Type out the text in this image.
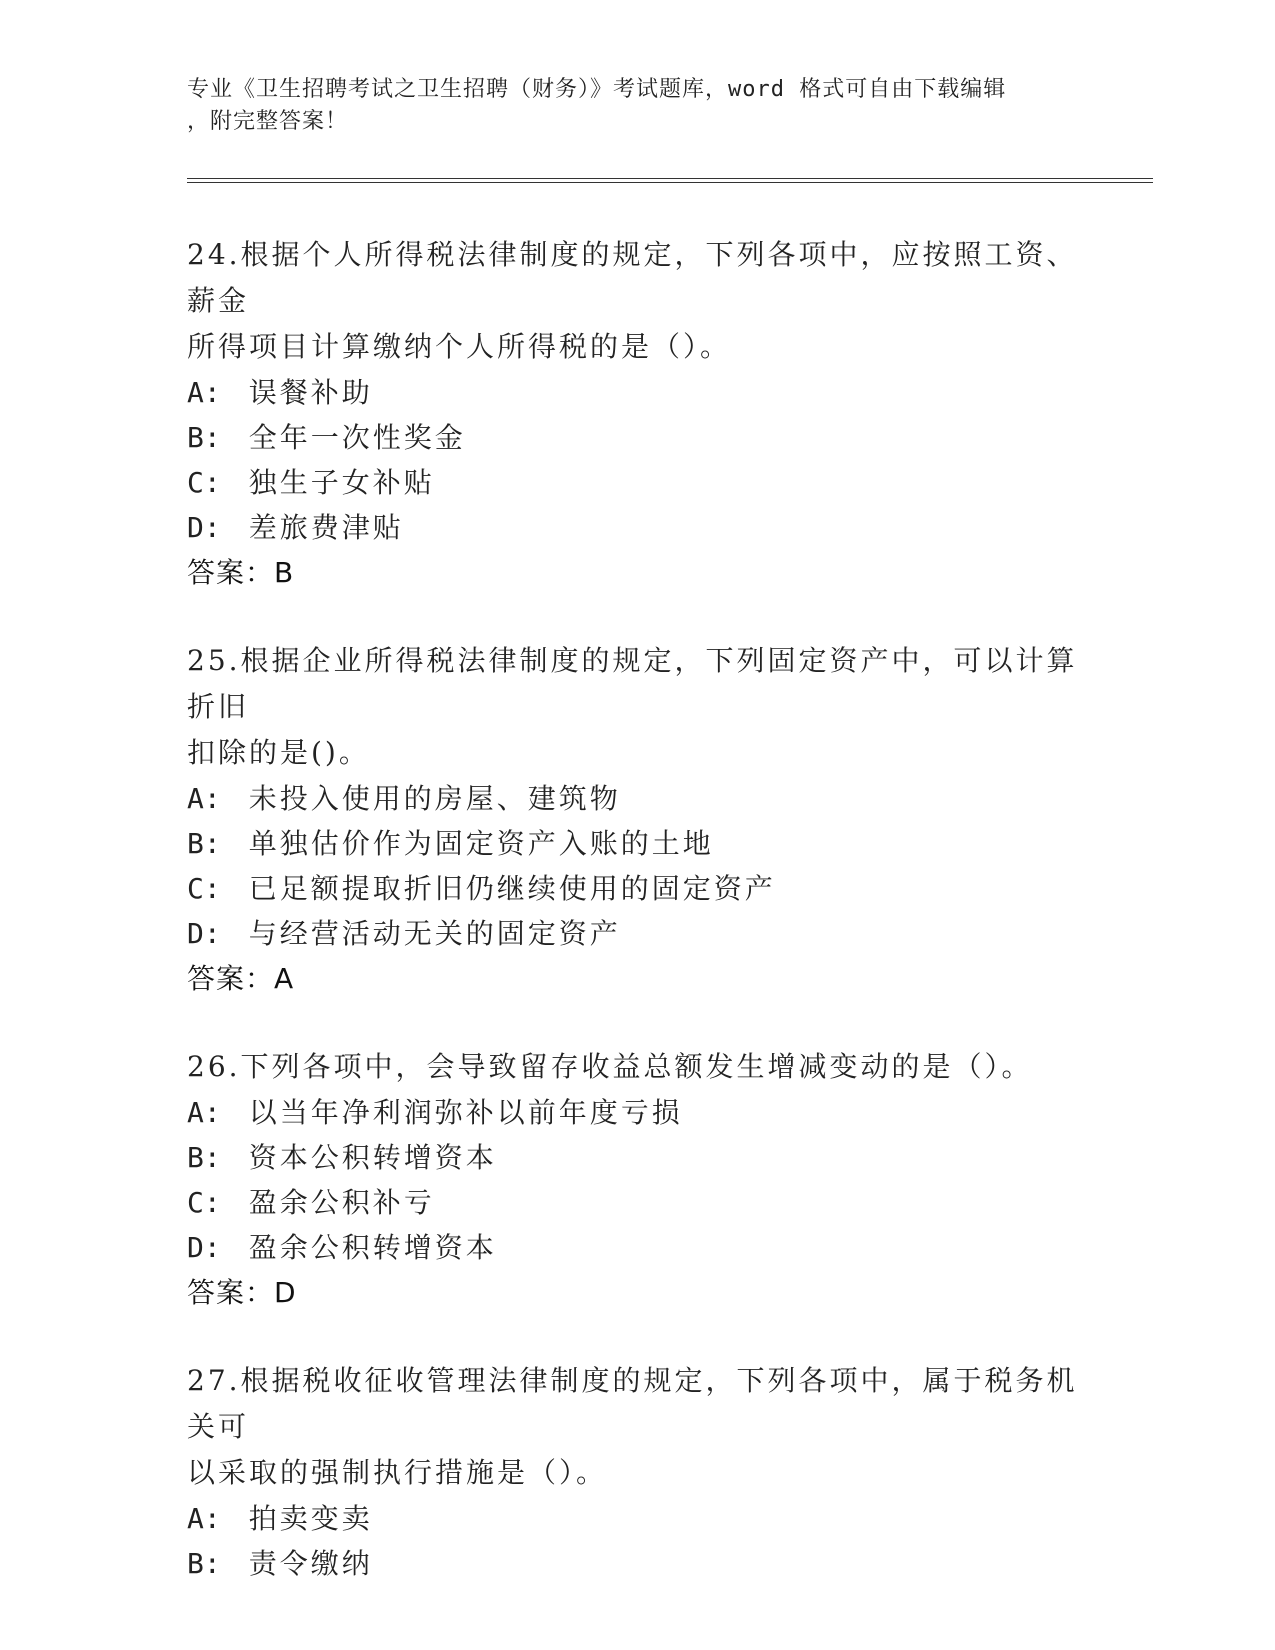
专业《卫生招聘考试之卫生招聘（财务）》考试题库，word 格式可自由下载编辑
，附完整答案！
24.根据个人所得税法律制度的规定，下列各项中，应按照工资、薪金
所得项目计算缴纳个人所得税的是（）。
A: 误餐补助
B: 全年一次性奖金
C: 独生子女补贴
D: 差旅费津贴
答案：B
25.根据企业所得税法律制度的规定，下列固定资产中，可以计算折旧
扣除的是()。
A: 未投入使用的房屋、建筑物
B: 单独估价作为固定资产入账的土地
C: 已足额提取折旧仍继续使用的固定资产
D: 与经营活动无关的固定资产
答案：A
26.下列各项中，会导致留存收益总额发生增减变动的是（）。
A: 以当年净利润弥补以前年度亏损
B: 资本公积转增资本
C: 盈余公积补亏
D: 盈余公积转增资本
答案：D
27.根据税收征收管理法律制度的规定，下列各项中，属于税务机关可
以采取的强制执行措施是（）。
A: 拍卖变卖
B: 责令缴纳
